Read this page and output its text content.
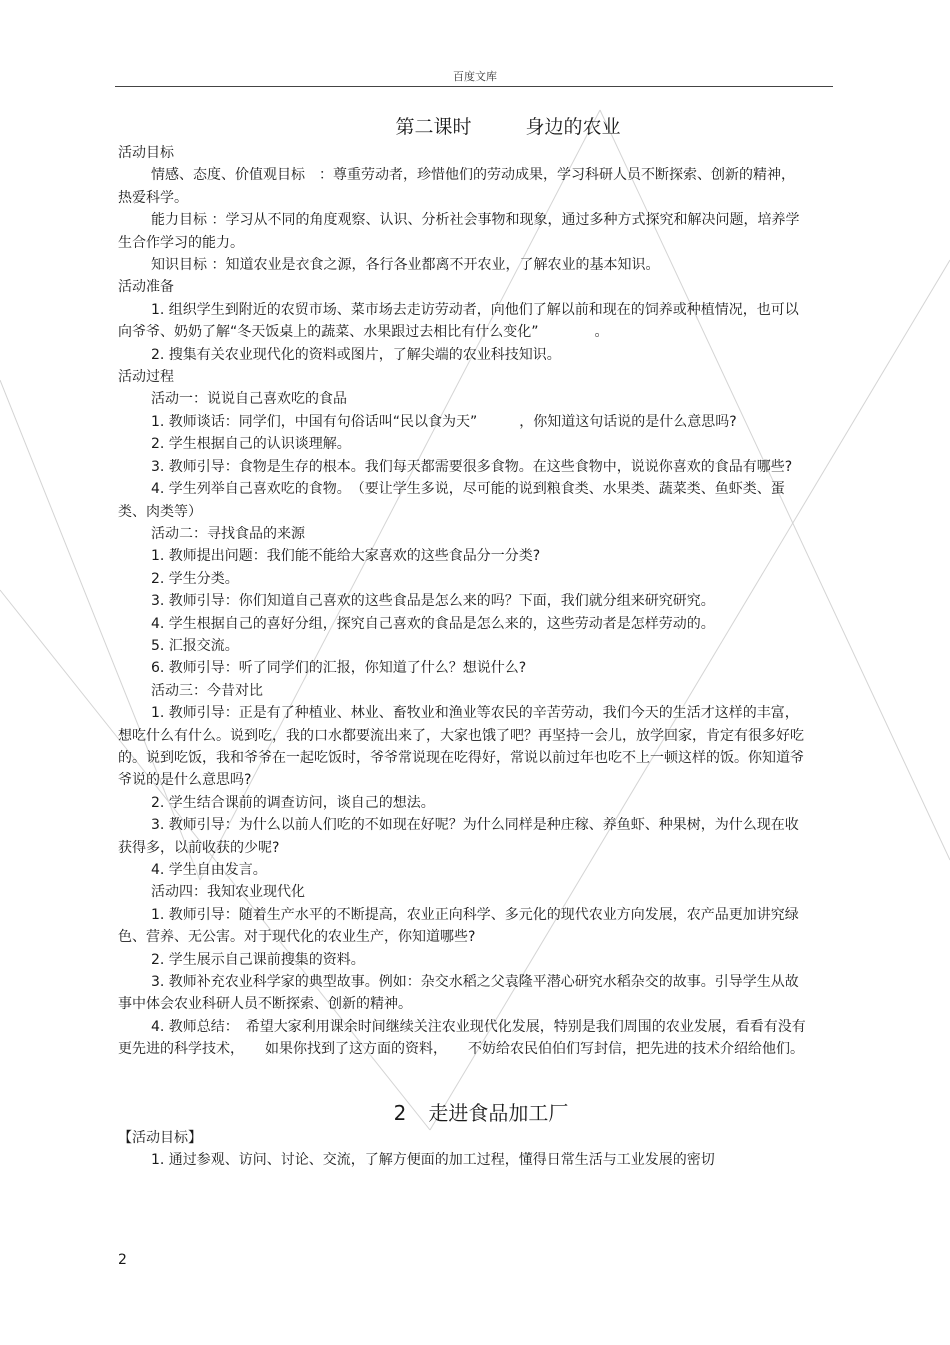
百度文库
第二课时	身边的农业

活动目标

情感、态度、价值观目标　：尊重劳动者，珍惜他们的劳动成果，学习科研人员不断探索、创新的精神，热爱科学。

能力目标 ：学习从不同的角度观察、认识、分析社会事物和现象，通过多种方式探究和解决问题，培养学生合作学习的能力。

知识目标 ：知道农业是衣食之源，各行各业都离不开农业，了解农业的基本知识。

活动准备

1. 组织学生到附近的农贸市场、菜市场去走访劳动者，向他们了解以前和现在的饲养或种植情况，也可以向爷爷、奶奶了解“冬天饭桌上的蔬菜、水果跟过去相比有什么变化”　　　　。

2. 搜集有关农业现代化的资料或图片，了解尖端的农业科技知识。

活动过程

活动一：说说自己喜欢吃的食品

1. 教师谈话：同学们，中国有句俗话叫“民以食为天”　　　，你知道这句话说的是什么意思吗?

2. 学生根据自己的认识谈理解。

3. 教师引导：食物是生存的根本。我们每天都需要很多食物。在这些食物中，说说你喜欢的食品有哪些?

4. 学生列举自己喜欢吃的食物。　（要让学生多说，尽可能的说到粮食类、水果类、蔬菜类、鱼虾类、蛋类、肉类等）

活动二：寻找食品的来源

1. 教师提出问题：我们能不能给大家喜欢的这些食品分一分类?

2. 学生分类。

3. 教师引导：你们知道自己喜欢的这些食品是怎么来的吗？下面，我们就分组来研究研究。

4. 学生根据自己的喜好分组，探究自己喜欢的食品是怎么来的，这些劳动者是怎样劳动的。

5. 汇报交流。

6. 教师引导：听了同学们的汇报，你知道了什么？想说什么?

活动三：今昔对比

1. 教师引导：正是有了种植业、林业、畜牧业和渔业等农民的辛苦劳动，我们今天的生活才这样的丰富，想吃什么有什么。说到吃，我的口水都要流出来了，大家也饿了吧？再坚持一会儿，放学回家，肯定有很多好吃的。说到吃饭，我和爷爷在一起吃饭时，爷爷常说现在吃得好，常说以前过年也吃不上一顿这样的饭。你知道爷爷说的是什么意思吗?

2. 学生结合课前的调查访问，谈自己的想法。

3. 教师引导：为什么以前人们吃的不如现在好呢？为什么同样是种庄稼、养鱼虾、种果树，为什么现在收获得多，以前收获的少呢?

4. 学生自由发言。

活动四：我知农业现代化

1. 教师引导：随着生产水平的不断提高，农业正向科学、多元化的现代农业方向发展，农产品更加讲究绿色、营养、无公害。对于现代化的农业生产，你知道哪些?

2. 学生展示自己课前搜集的资料。

3. 教师补充农业科学家的典型故事。例如：杂交水稻之父袁隆平潜心研究水稻杂交的故事。引导学生从故事中体会农业科研人员不断探索、创新的精神。

4. 教师总结：　希望大家利用课余时间继续关注农业现代化发展，特别是我们周围的农业发展，看看有没有更先进的科学技术，　　如果你找到了这方面的资料，　　不妨给农民伯伯们写封信，把先进的技术介绍给他们。

2 走进食品加工厂

【活动目标】

1. 通过参观、访问、讨论、交流，了解方便面的加工过程，懂得日常生活与工业发展的密切

2
